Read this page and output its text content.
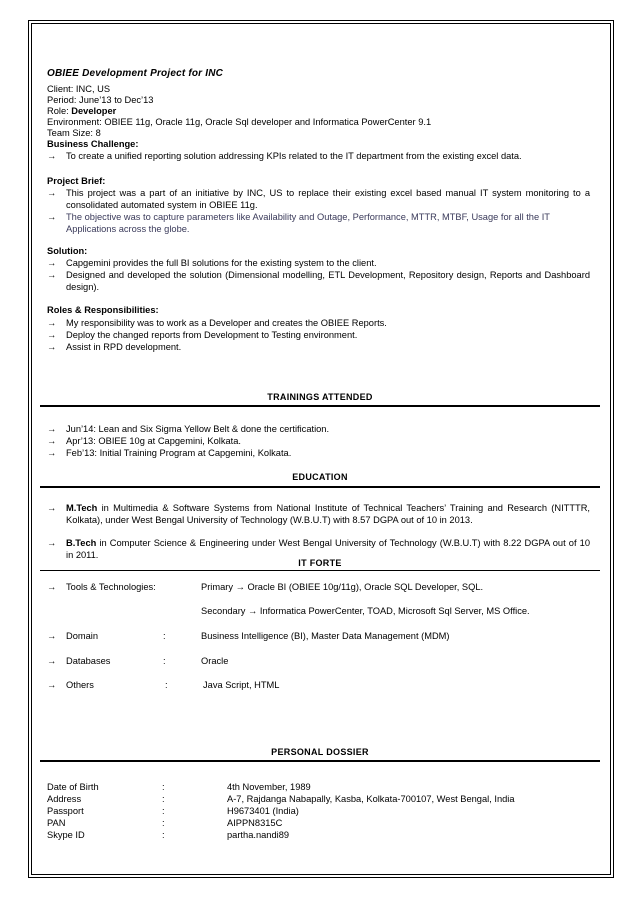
OBIEE Development Project for INC
Client: INC, US
Period: June’13 to Dec’13
Role: Developer
Environment: OBIEE 11g, Oracle 11g, Oracle Sql developer and Informatica PowerCenter 9.1
Team Size: 8
Business Challenge:
→ To create a unified reporting solution addressing KPIs related to the IT department from the existing excel data.
Project Brief:
→ This project was a part of an initiative by INC, US to replace their existing excel based manual IT system monitoring to a consolidated automated system in OBIEE 11g.
→ The objective was to capture parameters like Availability and Outage, Performance, MTTR, MTBF, Usage for all the IT Applications across the globe.
Solution:
→ Capgemini provides the full BI solutions for the existing system to the client.
→ Designed and developed the solution (Dimensional modelling, ETL Development, Repository design, Reports and Dashboard design).
Roles & Responsibilities:
→ My responsibility was to work as a Developer and creates the OBIEE Reports.
→ Deploy the changed reports from Development to Testing environment.
→ Assist in RPD development.
TRAININGS ATTENDED
→ Jun’14: Lean and Six Sigma Yellow Belt & done the certification.
→ Apr’13: OBIEE 10g at Capgemini, Kolkata.
→ Feb’13: Initial Training Program at Capgemini, Kolkata.
EDUCATION
→ M.Tech in Multimedia & Software Systems from National Institute of Technical Teachers’ Training and Research (NITTTR, Kolkata), under West Bengal University of Technology (W.B.U.T) with 8.57 DGPA out of 10 in 2013.
→ B.Tech in Computer Science & Engineering under West Bengal University of Technology (W.B.U.T) with 8.22 DGPA out of 10 in 2011.
IT FORTE
→ Tools & Technologies:	Primary → Oracle BI (OBIEE 10g/11g), Oracle SQL Developer, SQL.
Secondary → Informatica PowerCenter, TOAD, Microsoft Sql Server, MS Office.
→ Domain	:	Business Intelligence (BI), Master Data Management (MDM)
→ Databases	:	Oracle
→ Others	:	Java Script, HTML
PERSONAL DOSSIER
Date of Birth	:	4th November, 1989
Address	:	A-7, Rajdanga Nabapally, Kasba, Kolkata-700107, West Bengal, India
Passport	:	H9673401 (India)
PAN	:	AIPPN8315C
Skype ID	:	partha.nandi89
